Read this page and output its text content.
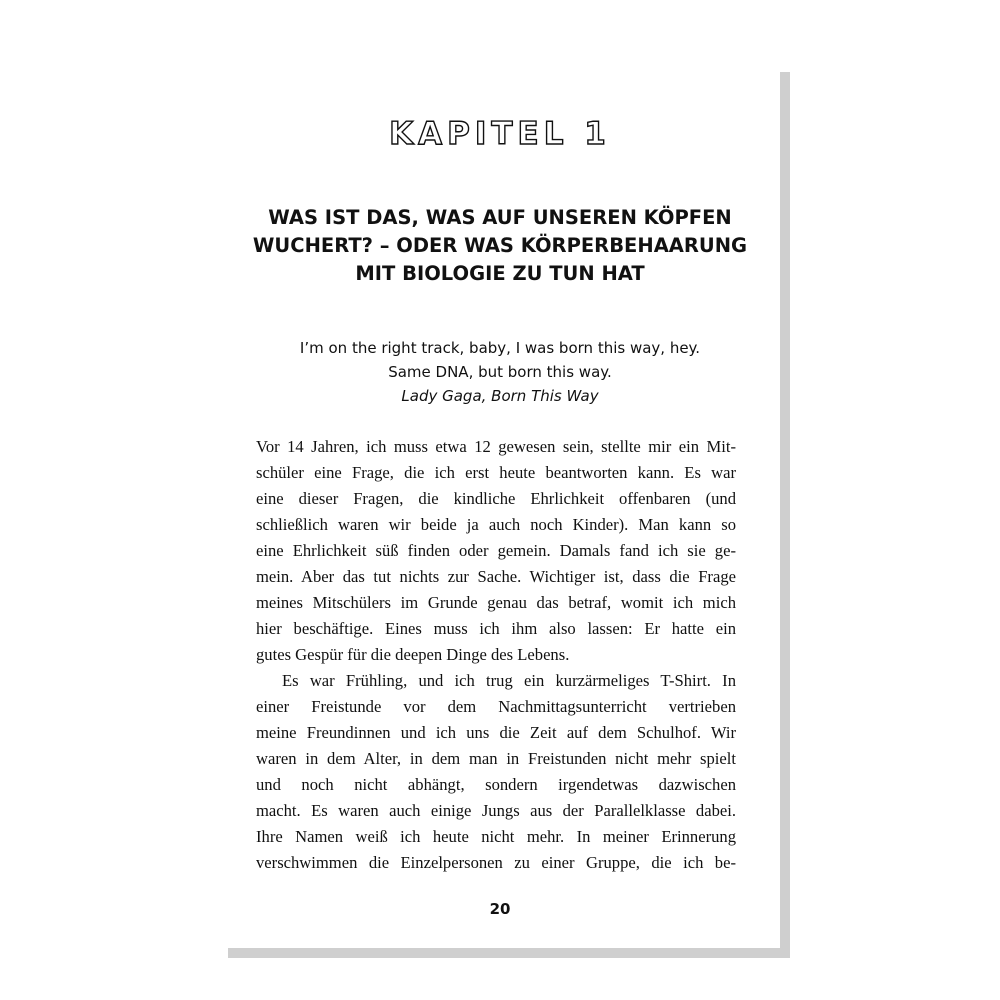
KAPITEL 1
WAS IST DAS, WAS AUF UNSEREN KÖPFEN
WUCHERT? – ODER WAS KÖRPERBEHAARUNG
MIT BIOLOGIE ZU TUN HAT
I’m on the right track, baby, I was born this way, hey.
Same DNA, but born this way.
Lady Gaga, Born This Way
Vor 14 Jahren, ich muss etwa 12 gewesen sein, stellte mir ein Mit-
schüler eine Frage, die ich erst heute beantworten kann. Es war
eine dieser Fragen, die kindliche Ehrlichkeit offenbaren (und
schließlich waren wir beide ja auch noch Kinder). Man kann so
eine Ehrlichkeit süß finden oder gemein. Damals fand ich sie ge-
mein. Aber das tut nichts zur Sache. Wichtiger ist, dass die Frage
meines Mitschülers im Grunde genau das betraf, womit ich mich
hier beschäftige. Eines muss ich ihm also lassen: Er hatte ein
gutes Gespür für die deepen Dinge des Lebens.
Es war Frühling, und ich trug ein kurzärmeliges T-Shirt. In
einer Freistunde vor dem Nachmittagsunterricht vertrieben
meine Freundinnen und ich uns die Zeit auf dem Schulhof. Wir
waren in dem Alter, in dem man in Freistunden nicht mehr spielt
und noch nicht abhängt, sondern irgendetwas dazwischen
macht. Es waren auch einige Jungs aus der Parallelklasse dabei.
Ihre Namen weiß ich heute nicht mehr. In meiner Erinnerung
verschwimmen die Einzelpersonen zu einer Gruppe, die ich be-
20
